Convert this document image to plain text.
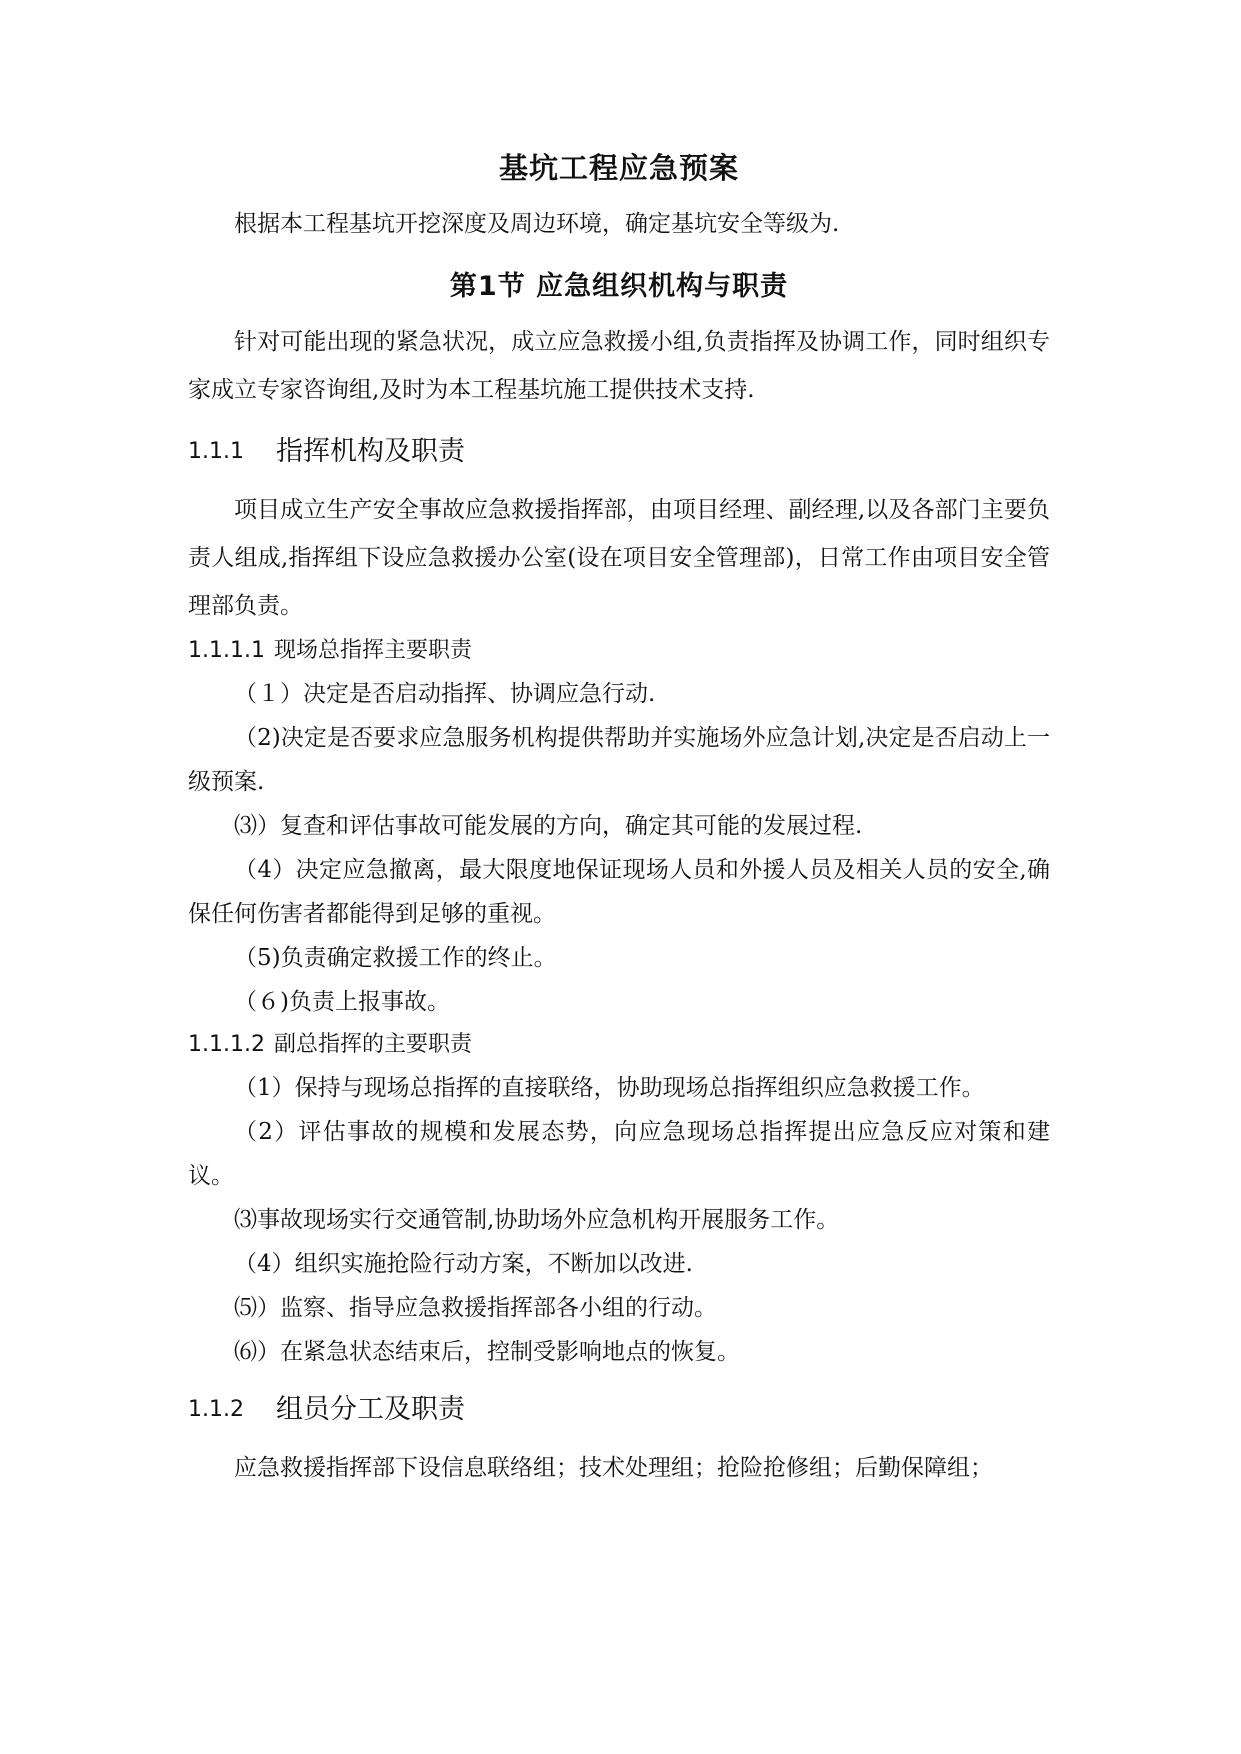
基坑工程应急预案

根据本工程基坑开挖深度及周边环境，确定基坑安全等级为.

第1节 应急组织机构与职责

针对可能出现的紧急状况，成立应急救援小组,负责指挥及协调工作，同时组织专家成立专家咨询组,及时为本工程基坑施工提供技术支持.

1.1.1	指挥机构及职责

项目成立生产安全事故应急救援指挥部，由项目经理、副经理,以及各部门主要负责人组成,指挥组下设应急救援办公室(设在项目安全管理部)，日常工作由项目安全管理部负责。

1.1.1.1 现场总指挥主要职责

（１）决定是否启动指挥、协调应急行动.

（2)决定是否要求应急服务机构提供帮助并实施场外应急计划,决定是否启动上一级预案.

⑶）复查和评估事故可能发展的方向，确定其可能的发展过程.

（4）决定应急撤离，最大限度地保证现场人员和外援人员及相关人员的安全,确保任何伤害者都能得到足够的重视。

（5)负责确定救援工作的终止。

（６)负责上报事故。

1.1.1.2 副总指挥的主要职责

（1）保持与现场总指挥的直接联络，协助现场总指挥组织应急救援工作。

（2）评估事故的规模和发展态势，向应急现场总指挥提出应急反应对策和建议。

⑶事故现场实行交通管制,协助场外应急机构开展服务工作。

（4）组织实施抢险行动方案，不断加以改进.

⑸）监察、指导应急救援指挥部各小组的行动。

⑹）在紧急状态结束后，控制受影响地点的恢复。

1.1.2	组员分工及职责

应急救援指挥部下设信息联络组；技术处理组；抢险抢修组；后勤保障组；
